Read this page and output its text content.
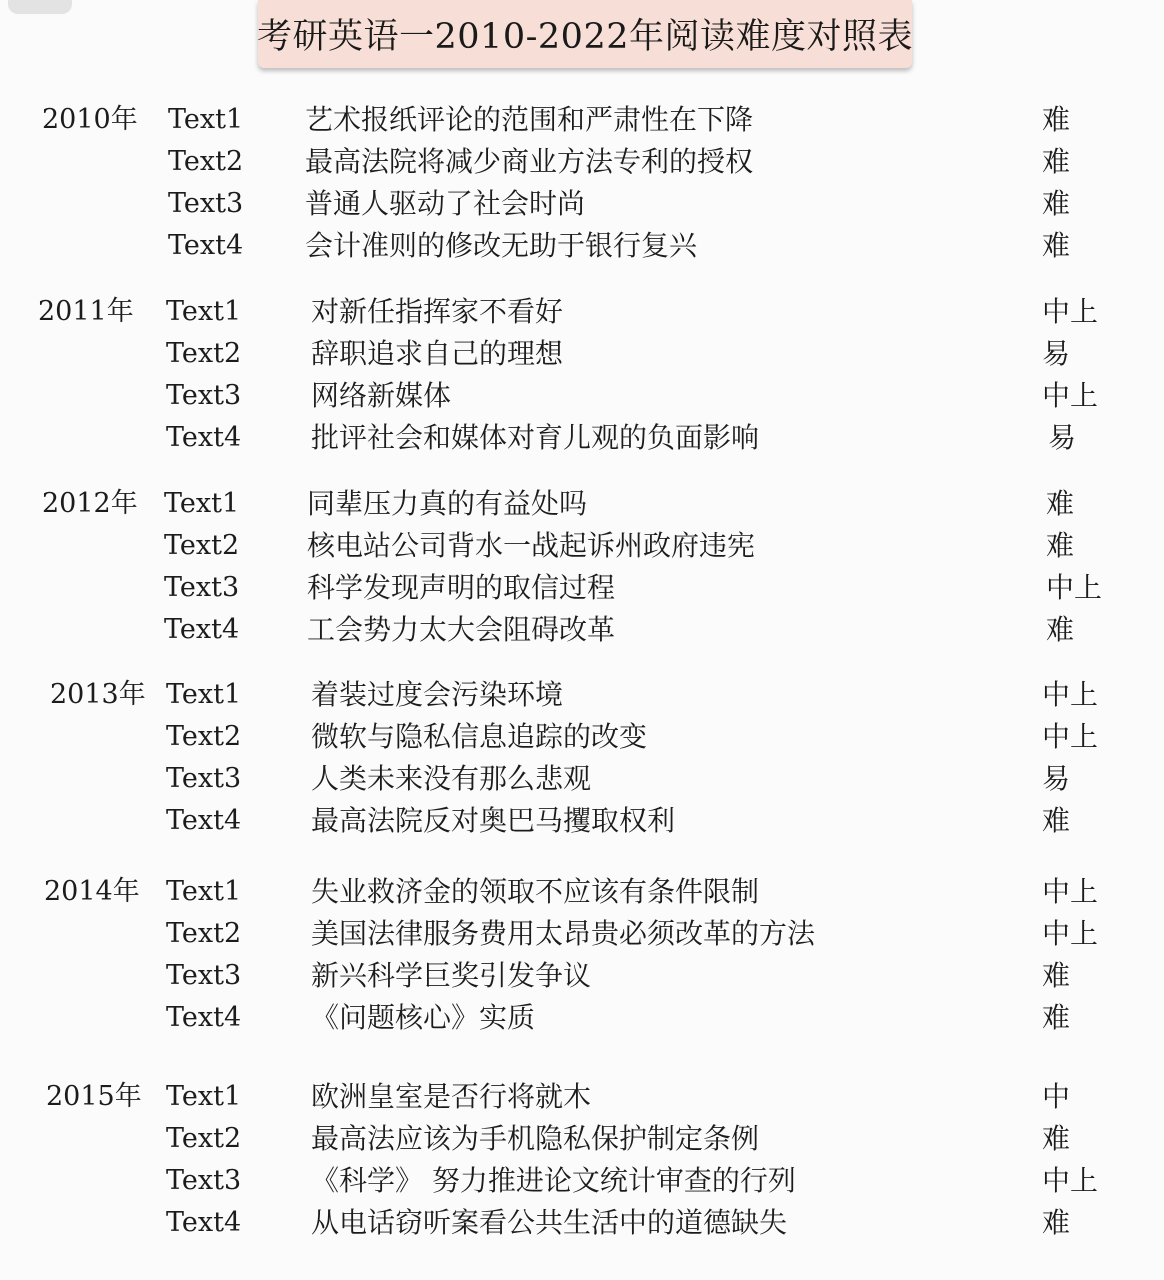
考研英语一2010-2022年阅读难度对照表
2010年 Text1 艺术报纸评论的范围和严肃性在下降	难
Text2 最高法院将减少商业方法专利的授权	难
Text3 普通人驱动了社会时尚	难
Text4 会计准则的修改无助于银行复兴	难
2011年 Text1 对新任指挥家不看好	中上
Text2 辞职追求自己的理想	易
Text3 网络新媒体	中上
Text4 批评社会和媒体对育儿观的负面影响	易
2012年 Text1 同辈压力真的有益处吗	难
Text2 核电站公司背水一战起诉州政府违宪	难
Text3 科学发现声明的取信过程	中上
Text4 工会势力太大会阻碍改革	难
2013年 Text1 着装过度会污染环境	中上
Text2 微软与隐私信息追踪的改变	中上
Text3 人类未来没有那么悲观	易
Text4 最高法院反对奥巴马攫取权利	难
2014年 Text1 失业救济金的领取不应该有条件限制	中上
Text2 美国法律服务费用太昂贵必须改革的方法	中上
Text3 新兴科学巨奖引发争议	难
Text4 《问题核心》实质	难
2015年 Text1 欧洲皇室是否行将就木	中
Text2 最高法应该为手机隐私保护制定条例	难
Text3 《科学》 努力推进论文统计审查的行列	中上
Text4 从电话窃听案看公共生活中的道德缺失	难
